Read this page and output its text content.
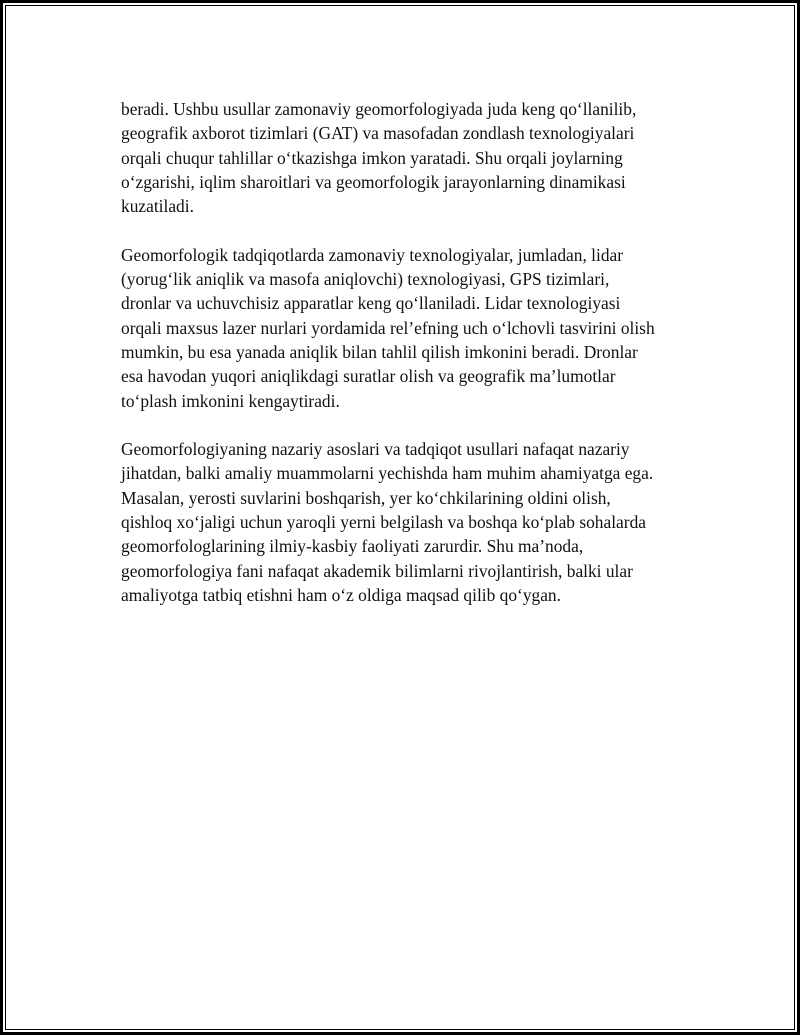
beradi. Ushbu usullar zamonaviy geomorfologiyada juda keng qo‘llanilib,
geografik axborot tizimlari (GAT) va masofadan zondlash texnologiyalari
orqali chuqur tahlillar o‘tkazishga imkon yaratadi. Shu orqali joylarning
o‘zgarishi, iqlim sharoitlari va geomorfologik jarayonlarning dinamikasi
kuzatiladi.

Geomorfologik tadqiqotlarda zamonaviy texnologiyalar, jumladan, lidar
(yorug‘lik aniqlik va masofa aniqlovchi) texnologiyasi, GPS tizimlari,
dronlar va uchuvchisiz apparatlar keng qo‘llaniladi. Lidar texnologiyasi
orqali maxsus lazer nurlari yordamida rel’efning uch o‘lchovli tasvirini olish
mumkin, bu esa yanada aniqlik bilan tahlil qilish imkonini beradi. Dronlar
esa havodan yuqori aniqlikdagi suratlar olish va geografik ma’lumotlar
to‘plash imkonini kengaytiradi.

Geomorfologiyaning nazariy asoslari va tadqiqot usullari nafaqat nazariy
jihatdan, balki amaliy muammolarni yechishda ham muhim ahamiyatga ega.
Masalan, yerosti suvlarini boshqarish, yer ko‘chkilarining oldini olish,
qishloq xo‘jaligi uchun yaroqli yerni belgilash va boshqa ko‘plab sohalarda
geomorfologlarining ilmiy-kasbiy faoliyati zarurdir. Shu ma’noda,
geomorfologiya fani nafaqat akademik bilimlarni rivojlantirish, balki ular
amaliyotga tatbiq etishni ham o‘z oldiga maqsad qilib qo‘ygan.
